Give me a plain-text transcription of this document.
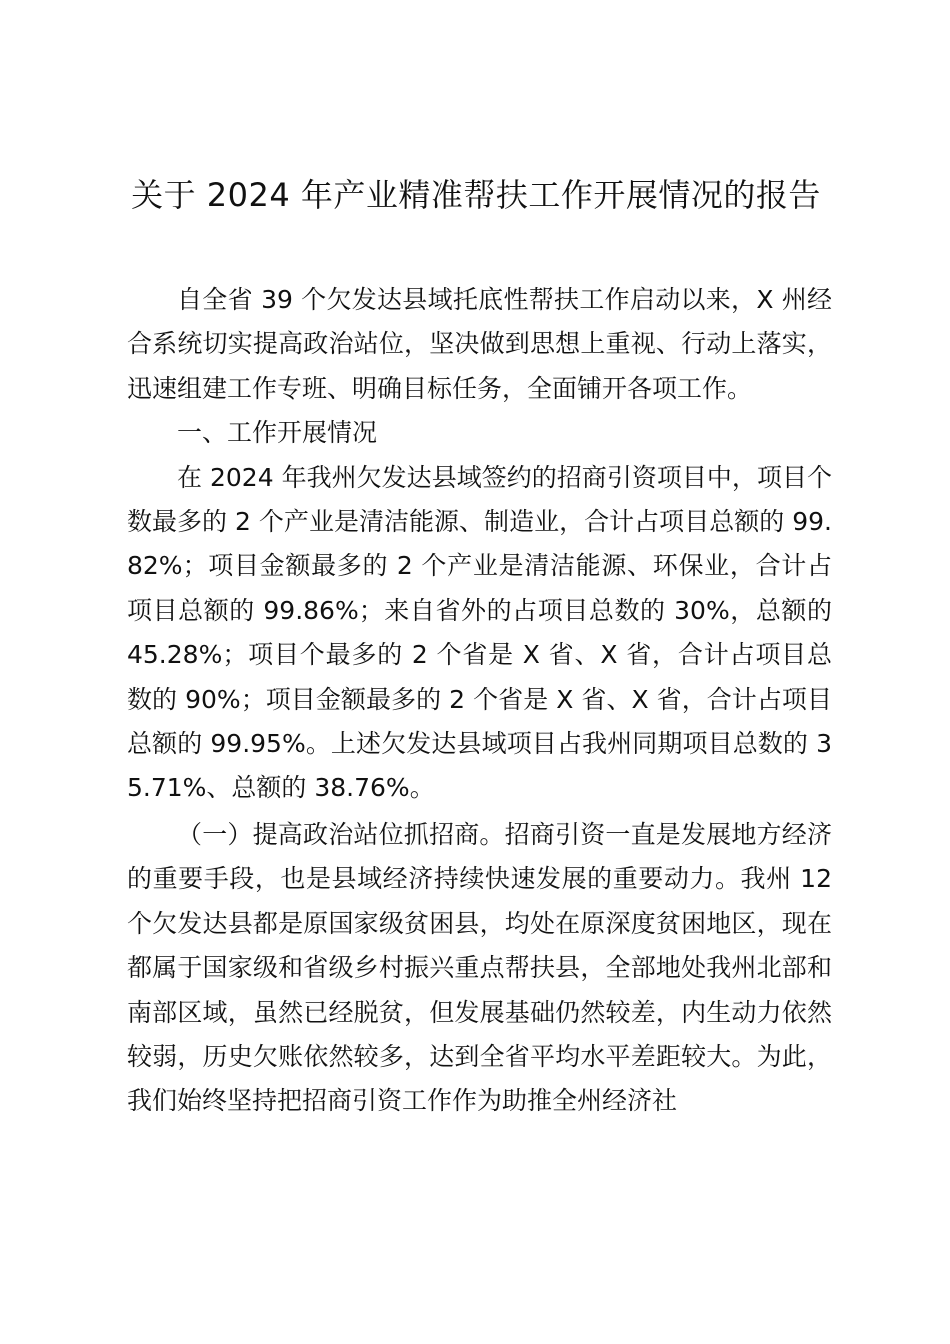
关于 2024 年产业精准帮扶工作开展情况的报告

自全省 39 个欠发达县域托底性帮扶工作启动以来，X 州经合系统切实提高政治站位，坚决做到思想上重视、行动上落实，迅速组建工作专班、明确目标任务，全面铺开各项工作。

一、工作开展情况

在 2024 年我州欠发达县域签约的招商引资项目中，项目个数最多的 2 个产业是清洁能源、制造业，合计占项目总额的 99.82%；项目金额最多的 2 个产业是清洁能源、环保业，合计占项目总额的 99.86%；来自省外的占项目总数的 30%，总额的 45.28%；项目个最多的 2 个省是 X 省、X 省，合计占项目总数的 90%；项目金额最多的 2 个省是 X 省、X 省，合计占项目总额的 99.95%。上述欠发达县域项目占我州同期项目总数的 35.71%、总额的 38.76%。

（一）提高政治站位抓招商。招商引资一直是发展地方经济的重要手段，也是县域经济持续快速发展的重要动力。我州 12 个欠发达县都是原国家级贫困县，均处在原深度贫困地区，现在都属于国家级和省级乡村振兴重点帮扶县，全部地处我州北部和南部区域，虽然已经脱贫，但发展基础仍然较差，内生动力依然较弱，历史欠账依然较多，达到全省平均水平差距较大。为此，我们始终坚持把招商引资工作作为助推全州经济社
